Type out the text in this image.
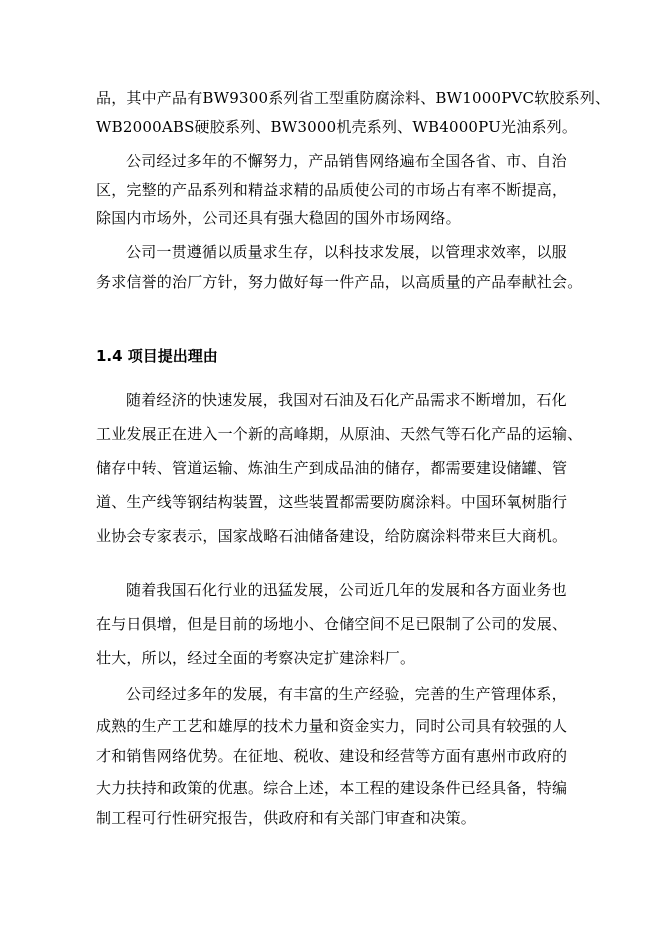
品，其中产品有BW9300系列省工型重防腐涂料、BW1000PVC软胶系列、
WB2000ABS硬胶系列、BW3000机壳系列、WB4000PU光油系列。
公司经过多年的不懈努力，产品销售网络遍布全国各省、市、自治
区，完整的产品系列和精益求精的品质使公司的市场占有率不断提高，
除国内市场外，公司还具有强大稳固的国外市场网络。
公司一贯遵循以质量求生存，以科技求发展，以管理求效率，以服
务求信誉的治厂方针，努力做好每一件产品，以高质量的产品奉献社会。
1.4 项目提出理由
随着经济的快速发展，我国对石油及石化产品需求不断增加，石化
工业发展正在进入一个新的高峰期，从原油、天然气等石化产品的运输、
储存中转、管道运输、炼油生产到成品油的储存，都需要建设储罐、管
道、生产线等钢结构装置，这些装置都需要防腐涂料。中国环氧树脂行
业协会专家表示，国家战略石油储备建设，给防腐涂料带来巨大商机。
随着我国石化行业的迅猛发展，公司近几年的发展和各方面业务也
在与日俱增，但是目前的场地小、仓储空间不足已限制了公司的发展、
壮大，所以，经过全面的考察决定扩建涂料厂。
公司经过多年的发展，有丰富的生产经验，完善的生产管理体系，
成熟的生产工艺和雄厚的技术力量和资金实力，同时公司具有较强的人
才和销售网络优势。在征地、税收、建设和经营等方面有惠州市政府的
大力扶持和政策的优惠。综合上述，本工程的建设条件已经具备，特编
制工程可行性研究报告，供政府和有关部门审查和决策。
